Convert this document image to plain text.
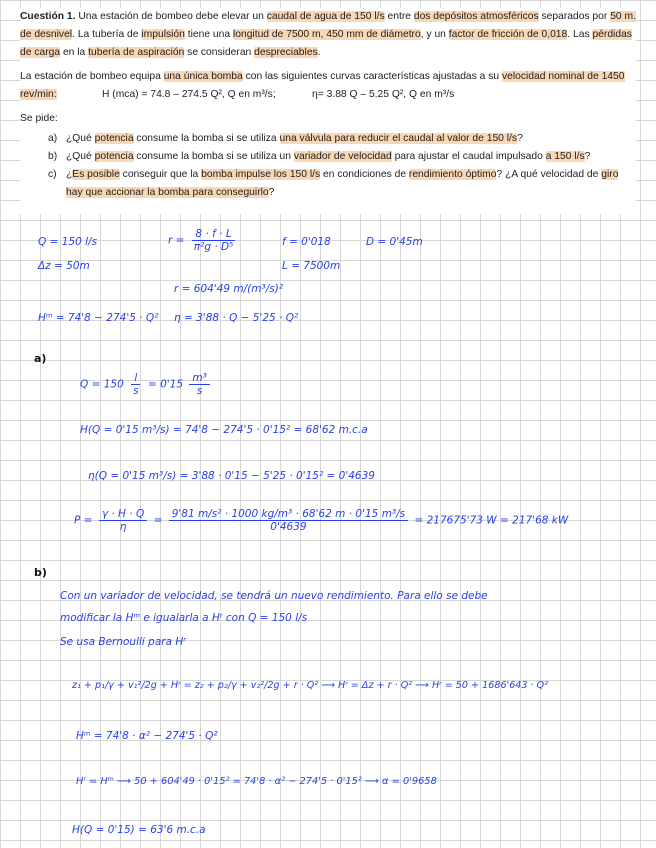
Cuestión 1. Una estación de bombeo debe elevar un caudal de agua de 150 l/s entre dos depósitos atmosféricos separados por 50 m. de desnivel. La tubería de impulsión tiene una longitud de 7500 m, 450 mm de diámetro, y un factor de fricción de 0,018. Las pérdidas de carga en la tubería de aspiración se consideran despreciables.

La estación de bombeo equipa una única bomba con las siguientes curvas características ajustadas a su velocidad nominal de 1450 rev/min:	H (mca) = 74.8 – 274.5 Q², Q en m³/s;	η= 3.88 Q – 5.25 Q², Q en m³/s

Se pide:

a) ¿Qué potencia consume la bomba si se utiliza una válvula para reducir el caudal al valor de 150 l/s?
b) ¿Qué potencia consume la bomba si se utiliza un variador de velocidad para ajustar el caudal impulsado a 150 l/s?
c) ¿Es posible conseguir que la bomba impulse los 150 l/s en condiciones de rendimiento óptimo? ¿A qué velocidad de giro hay que accionar la bomba para conseguirlo?
Q = 150 l/s
Δz = 50m
$r = \frac{8 \cdot f \cdot L}{\text{π²g · D⁵}}$	f = 0'018	D = 0'45m
L = 7500m
r = 604'49 m/(m³/s)²
Hᵐ = 74'8 − 274'5 · Q² η = 3'88 · Q − 5'25 · Q²
a)
$Q = 150 \frac{l}{s} = 0'15 \frac{\text{m³}}{s}$
H(Q = 0'15 m³/s) = 74'8 − 274'5 · 0'15² = 68'62 m.c.a
η(Q = 0'15 m³/s) = 3'88 · 0'15 − 5'25 · 0'15² = 0'4639
$P = \frac{\gamma \cdot H \cdot Q}{\eta} = \frac{\text{9'81 m/s² · 1000 kg/m³ · 68'62 m · 0'15 m³/s}}{0'4639} = 217675'73$ W = 217'68 kW
b)
Con un variador de velocidad, se tendrá un nuevo rendimiento. Para ello se debe
modificar la Hᵐ e igualarla a Hʳ con Q = 150 l/s
Se usa Bernoulli para Hʳ
z₁ + p₁/γ + v₁²/2g + Hʳ = z₂ + p₂/γ + v₂²/2g + r · Q² ⟶ Hʳ = Δz + r · Q² ⟶ Hʳ = 50 + 1686'643 · Q²
Hᵐ = 74'8 · α² − 274'5 · Q²
Hʳ = Hᵐ ⟶ 50 + 604'49 · 0'15² = 74'8 · α² − 274'5 · 0'15² ⟶ α = 0'9658
H(Q = 0'15) = 63'6 m.c.a
